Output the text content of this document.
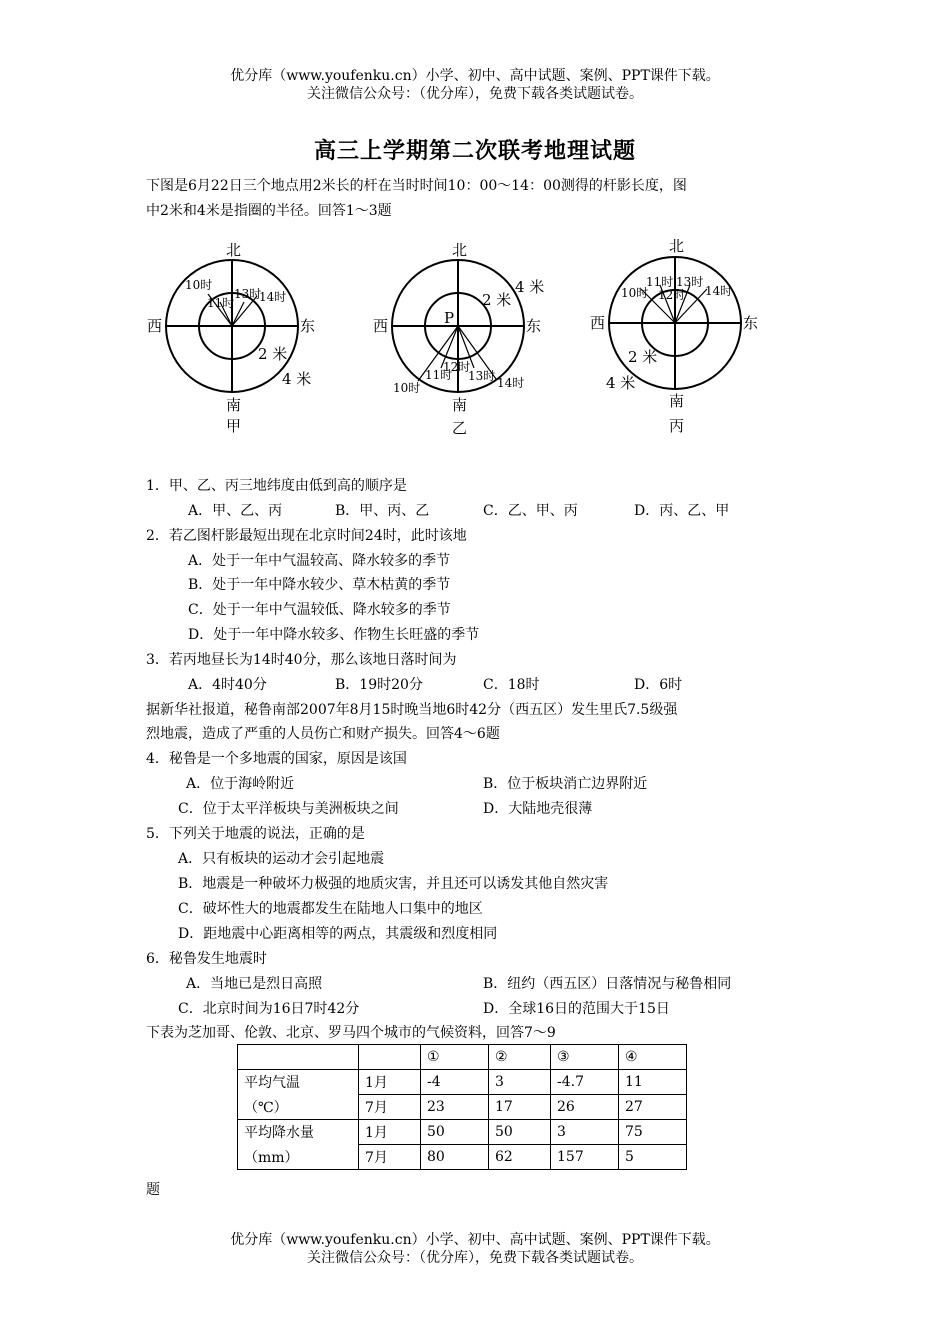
优分库（www.youfenku.cn）小学、初中、高中试题、案例、PPT课件下载。
关注微信公众号：（优分库），免费下载各类试题试卷。
高三上学期第二次联考地理试题
下图是6月22日三个地点用2米长的杆在当时时间10：00～14：00测得的杆影长度，图
中2米和4米是指圈的半径。回答1～3题
北
西	东
南
甲
2 米
4 米
北
西	东
南
乙
2 米
4 米
P
北
西	东
南
丙
2 米
4 米
10时
11时
13时
14时
10时
11时
12时
13时 14时
10时
11时
12时
13时
14时
1．甲、乙、丙三地纬度由低到高的顺序是
A．甲、乙、丙	B．甲、丙、乙	C．乙、甲、丙	D．丙、乙、甲
2．若乙图杆影最短出现在北京时间24时，此时该地
A．处于一年中气温较高、降水较多的季节
B．处于一年中降水较少、草木枯黄的季节
C．处于一年中气温较低、降水较多的季节
D．处于一年中降水较多、作物生长旺盛的季节
3．若丙地昼长为14时40分，那么该地日落时间为
A．4时40分	B．19时20分	C．18时	D．6时
据新华社报道，秘鲁南部2007年8月15时晚当地6时42分（西五区）发生里氏7.5级强
烈地震，造成了严重的人员伤亡和财产损失。回答4～6题
4．秘鲁是一个多地震的国家，原因是该国
A．位于海岭附近	B．位于板块消亡边界附近
C．位于太平洋板块与美洲板块之间	D．大陆地壳很薄
5．下列关于地震的说法，正确的是
A．只有板块的运动才会引起地震
B．地震是一种破坏力极强的地质灾害，并且还可以诱发其他自然灾害
C．破坏性大的地震都发生在陆地人口集中的地区
D．距地震中心距离相等的两点，其震级和烈度相同
6．秘鲁发生地震时
A．当地已是烈日高照	B．纽约（西五区）日落情况与秘鲁相同
C．北京时间为16日7时42分	D．全球16日的范围大于15日
下表为芝加哥、伦敦、北京、罗马四个城市的气候资料，回答7～9
		①	②	③	④
平均气温	1月	-4	3	-4.7	11
（℃）	7月	23	17	26	27
平均降水量	1月	50	50	3	75
（mm）	7月	80	62	157	5
题
优分库（www.youfenku.cn）小学、初中、高中试题、案例、PPT课件下载。
关注微信公众号：（优分库），免费下载各类试题试卷。
